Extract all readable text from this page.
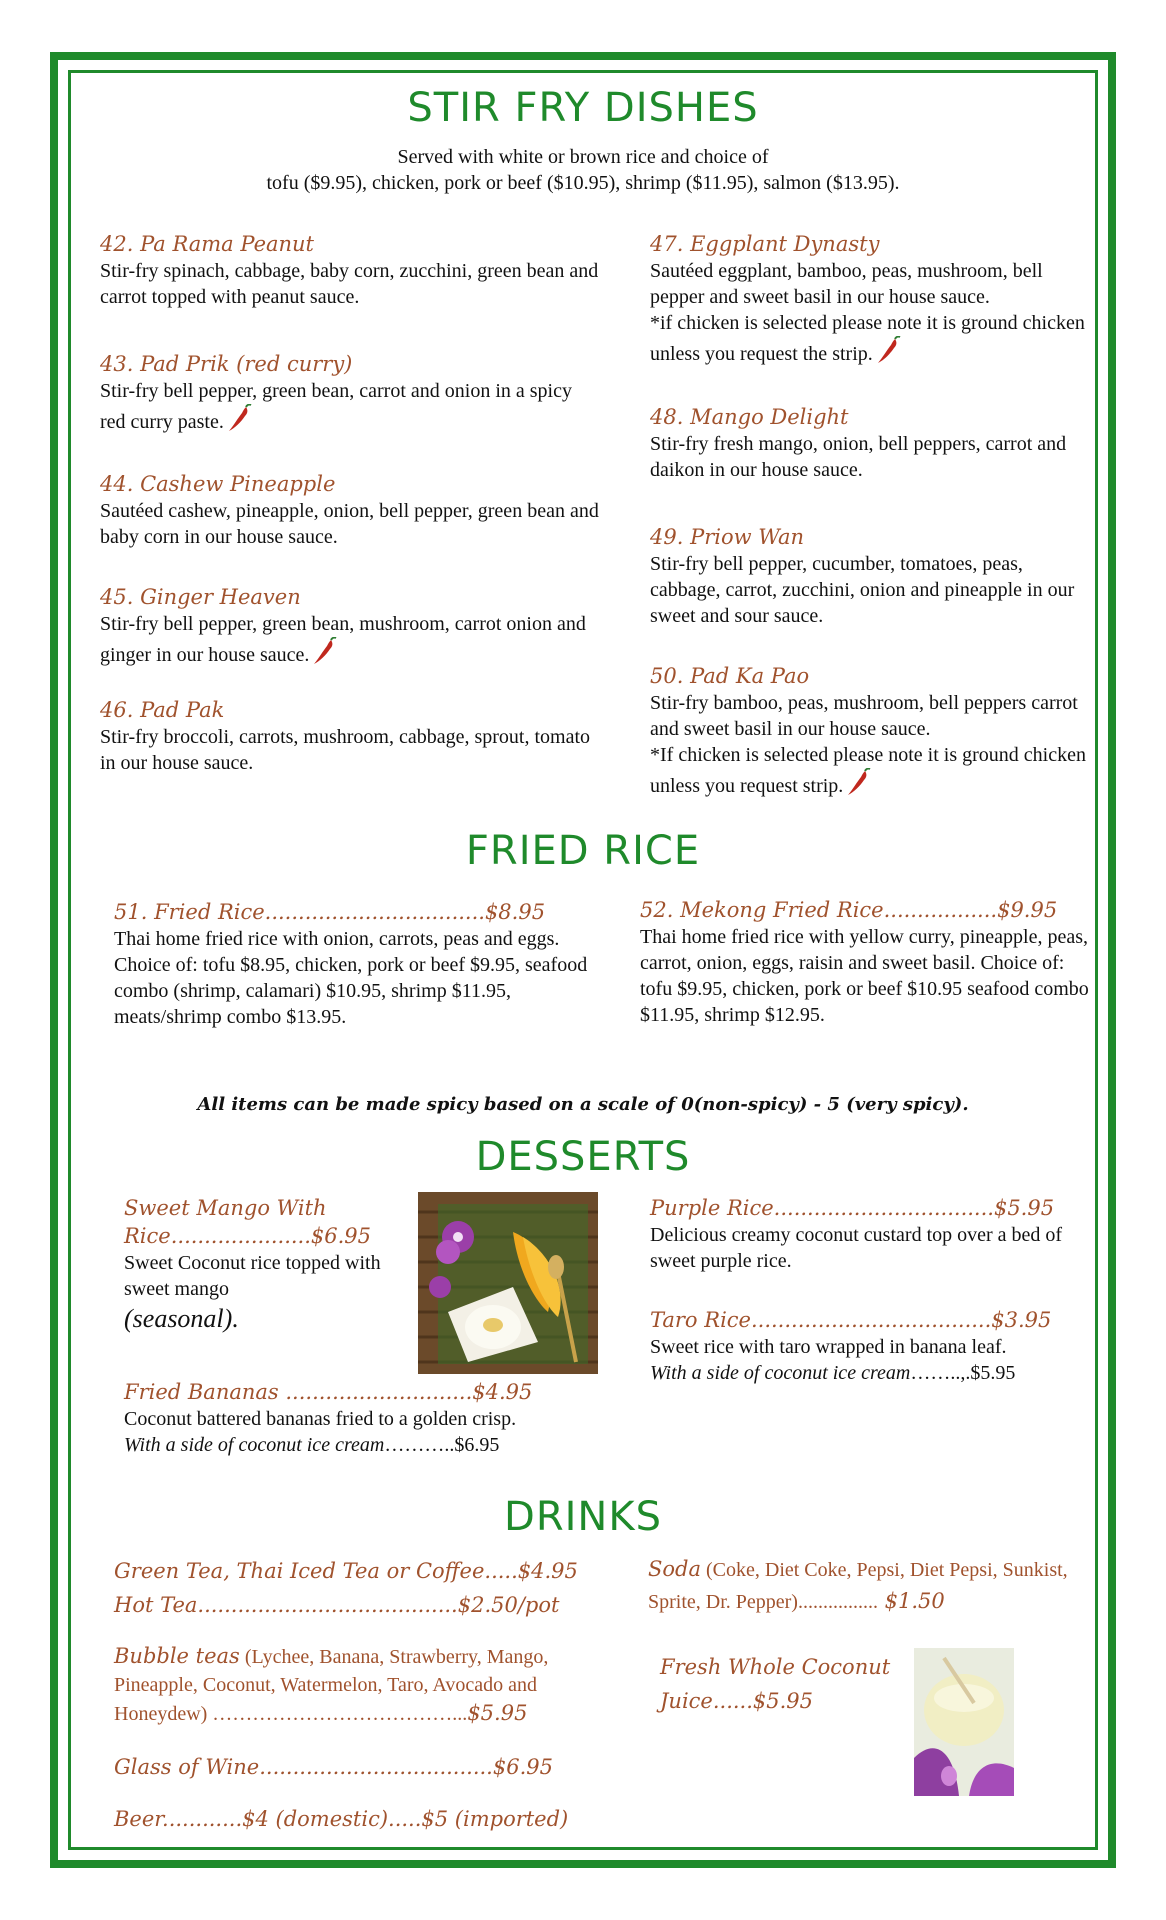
STIR FRY DISHES
Served with white or brown rice and choice of
tofu ($9.95), chicken, pork or beef ($10.95), shrimp ($11.95), salmon ($13.95).
42. Pa Rama Peanut
Stir-fry spinach, cabbage, baby corn, zucchini, green bean and carrot topped with peanut sauce.
43. Pad Prik (red curry)
Stir-fry bell pepper, green bean, carrot and onion in a spicy red curry paste.
44. Cashew Pineapple
Sautéed cashew, pineapple, onion, bell pepper, green bean and baby corn in our house sauce.
45. Ginger Heaven
Stir-fry bell pepper, green bean, mushroom, carrot onion and ginger in our house sauce.
46. Pad Pak
Stir-fry broccoli, carrots, mushroom, cabbage, sprout, tomato in our house sauce.
47. Eggplant Dynasty
Sautéed eggplant, bamboo, peas, mushroom, bell pepper and sweet basil in our house sauce.
*if chicken is selected please note it is ground chicken unless you request the strip.
48. Mango Delight
Stir-fry fresh mango, onion, bell peppers, carrot and daikon in our house sauce.
49. Priow Wan
Stir-fry bell pepper, cucumber, tomatoes, peas, cabbage, carrot, zucchini, onion and pineapple in our sweet and sour sauce.
50. Pad Ka Pao
Stir-fry bamboo, peas, mushroom, bell peppers carrot and sweet basil in our house sauce.
*If chicken is selected please note it is ground chicken unless you request strip.
FRIED RICE
51. Fried Rice.................................$8.95
Thai home fried rice with onion, carrots, peas and eggs.
Choice of: tofu $8.95, chicken, pork or beef $9.95, seafood combo (shrimp, calamari) $10.95, shrimp $11.95, meats/shrimp combo $13.95.
52. Mekong Fried Rice.................$9.95
Thai home fried rice with yellow curry, pineapple, peas, carrot, onion, eggs, raisin and sweet basil. Choice of: tofu $9.95, chicken, pork or beef $10.95 seafood combo $11.95, shrimp $12.95.
All items can be made spicy based on a scale of 0(non-spicy) - 5 (very spicy).
DESSERTS
Sweet Mango With
Rice.....................$6.95
Sweet Coconut rice topped with sweet mango
(seasonal).
Fried Bananas ............................$4.95
Coconut battered bananas fried to a golden crisp.
With a side of coconut ice cream………..$6.95
Purple Rice.................................$5.95
Delicious creamy coconut custard top over a bed of sweet purple rice.
Taro Rice....................................$3.95
Sweet rice with taro wrapped in banana leaf.
With a side of coconut ice cream……..,.$5.95
DRINKS
Green Tea, Thai Iced Tea or Coffee.....$4.95
Hot Tea.......................................$2.50/pot
Bubble teas (Lychee, Banana, Strawberry, Mango, Pineapple, Coconut, Watermelon, Taro, Avocado and Honeydew) ………………………………...$5.95
Glass of Wine...................................$6.95
Beer............$4 (domestic).....$5 (imported)
Soda (Coke, Diet Coke, Pepsi, Diet Pepsi, Sunkist, Sprite, Dr. Pepper)................ $1.50
Fresh Whole Coconut
Juice......$5.95
